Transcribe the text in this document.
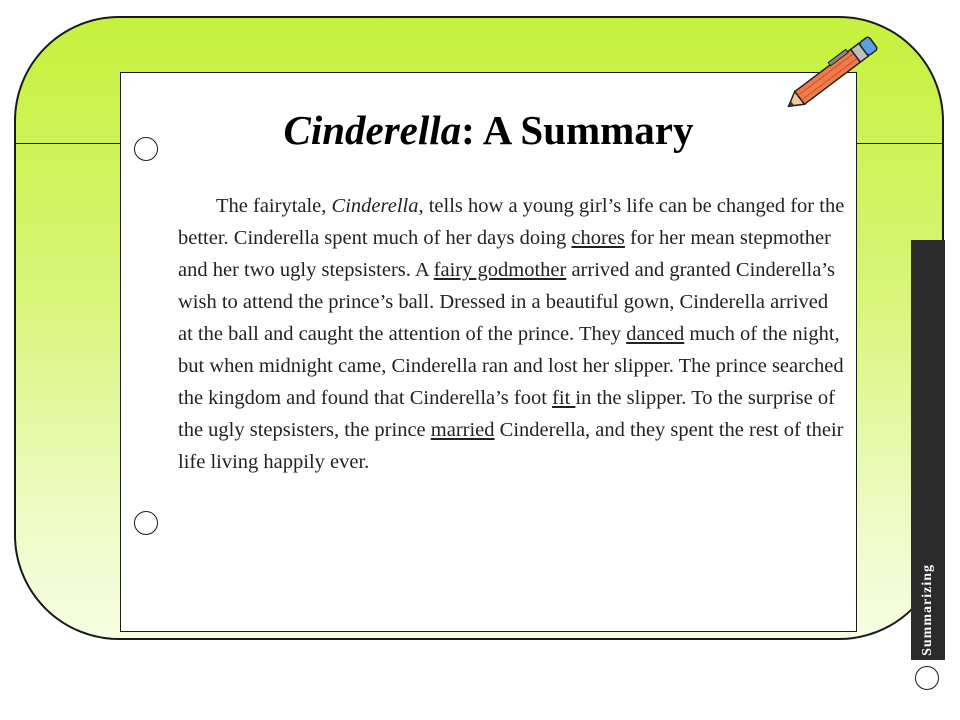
Summarizing
Cinderella: A Summary

The fairytale, Cinderella, tells how a young girl’s life can be changed for the better. Cinderella spent much of her days doing chores for her mean stepmother and her two ugly stepsisters. A fairy godmother arrived and granted Cinderella’s wish to attend the prince’s ball. Dressed in a beautiful gown, Cinderella arrived at the ball and caught the attention of the prince. They danced much of the night, but when midnight came, Cinderella ran and lost her slipper. The prince searched the kingdom and found that Cinderella’s foot fit in the slipper. To the surprise of the ugly stepsisters, the prince married Cinderella, and they spent the rest of their life living happily ever.
